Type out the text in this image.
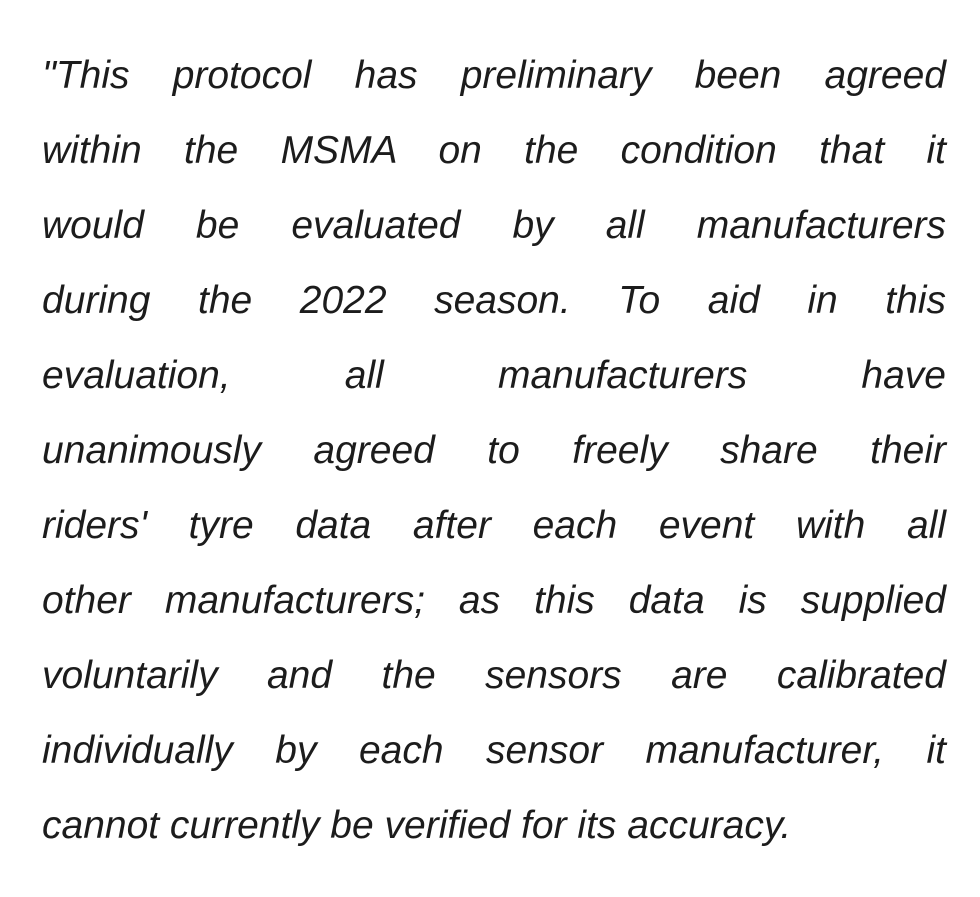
"This protocol has preliminary been agreed
within the MSMA on the condition that it
would be evaluated by all manufacturers
during the 2022 season. To aid in this
evaluation, all manufacturers have
unanimously agreed to freely share their
riders' tyre data after each event with all
other manufacturers; as this data is supplied
voluntarily and the sensors are calibrated
individually by each sensor manufacturer, it
cannot currently be verified for its accuracy.
